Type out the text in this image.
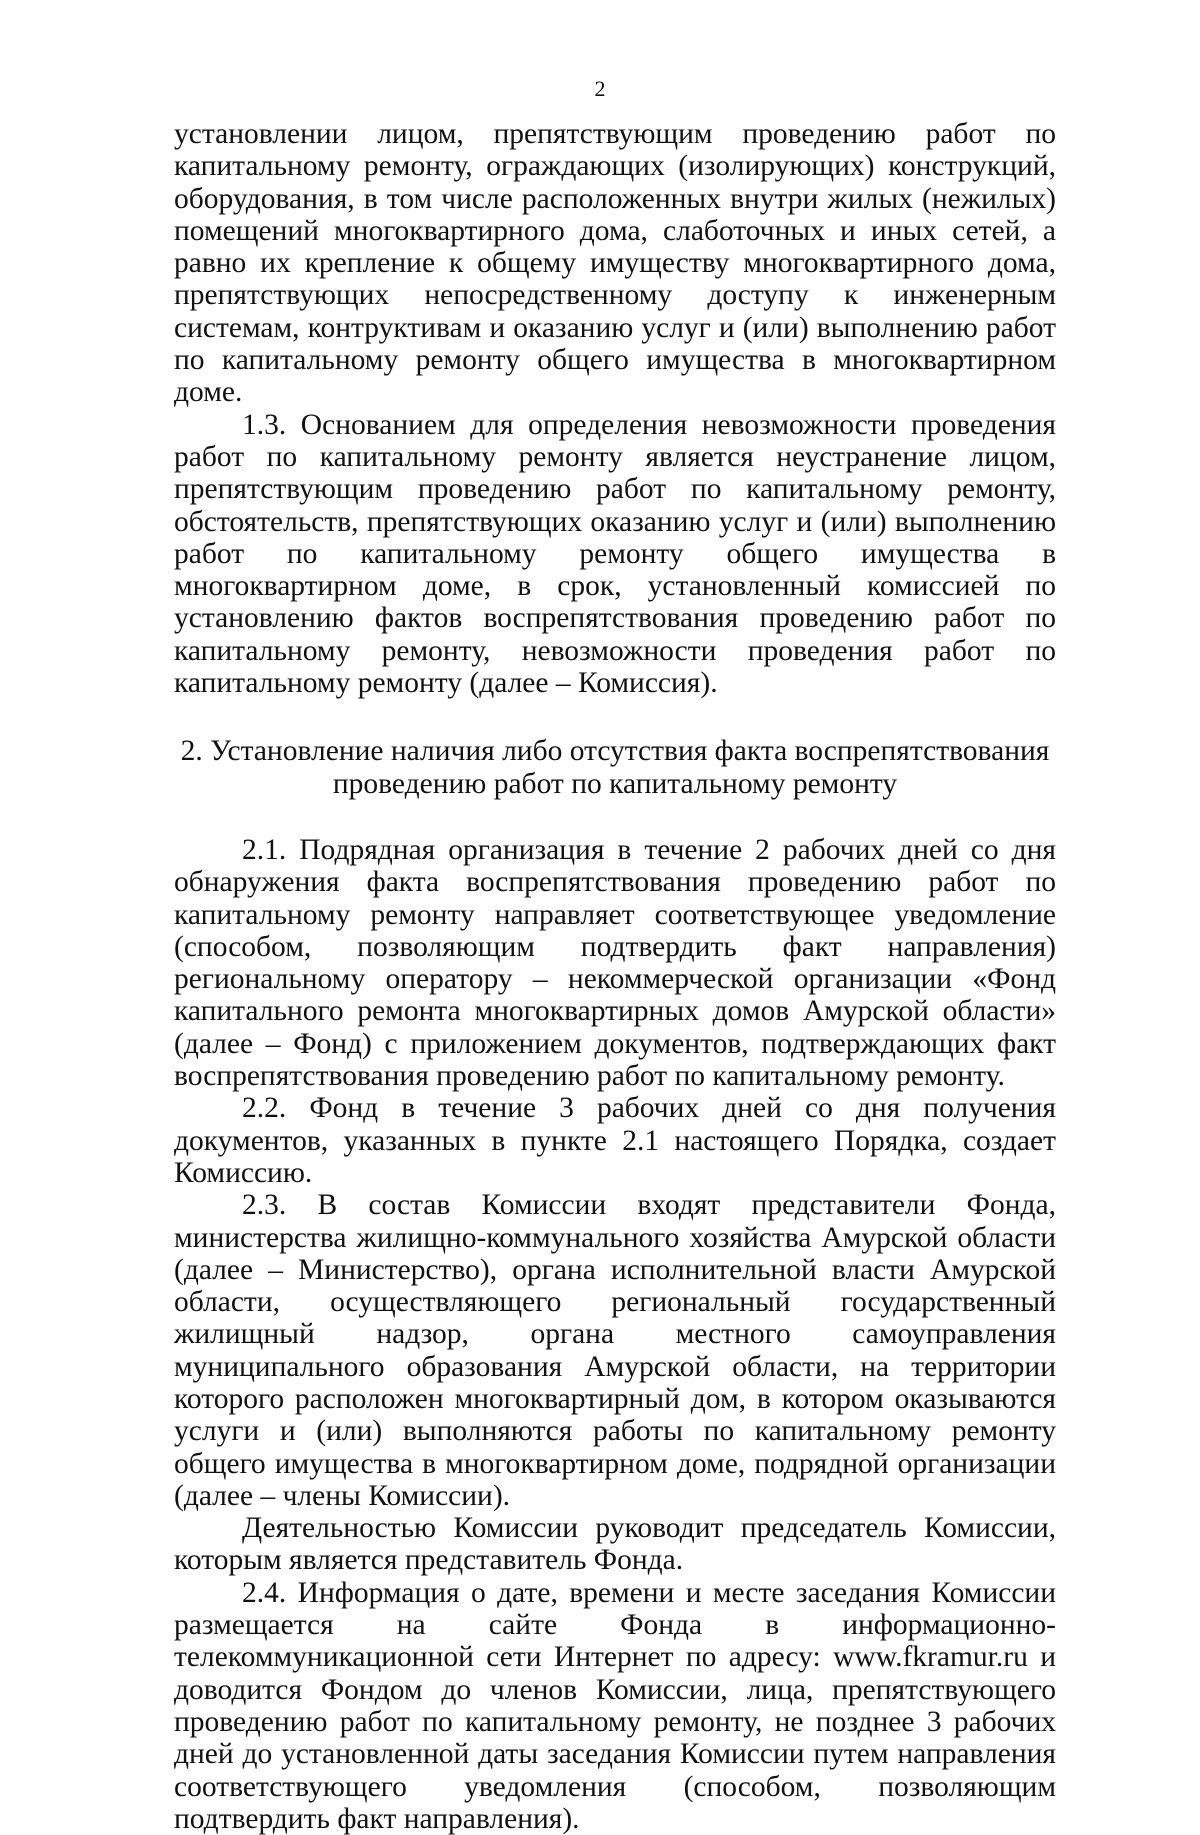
2

установлении лицом, препятствующим проведению работ по капитальному ремонту, ограждающих (изолирующих) конструкций, оборудования, в том числе расположенных внутри жилых (нежилых) помещений многоквартирного дома, слаботочных и иных сетей, а равно их крепление к общему имуществу многоквартирного дома, препятствующих непосредственному доступу к инженерным системам, контруктивам и оказанию услуг и (или) выполнению работ по капитальному ремонту общего имущества в многоквартирном доме.

1.3. Основанием для определения невозможности проведения работ по капитальному ремонту является неустранение лицом, препятствующим проведению работ по капитальному ремонту, обстоятельств, препятствующих оказанию услуг и (или) выполнению работ по капитальному ремонту общего имущества в многоквартирном доме, в срок, установленный комиссией по установлению фактов воспрепятствования проведению работ по капитальному ремонту, невозможности проведения работ по капитальному ремонту (далее – Комиссия).

2. Установление наличия либо отсутствия факта воспрепятствования
проведению работ по капитальному ремонту

2.1. Подрядная организация в течение 2 рабочих дней со дня обнаружения факта воспрепятствования проведению работ по капитальному ремонту направляет соответствующее уведомление (способом, позволяющим подтвердить факт направления) региональному оператору – некоммерческой организации «Фонд капитального ремонта многоквартирных домов Амурской области» (далее – Фонд) с приложением документов, подтверждающих факт воспрепятствования проведению работ по капитальному ремонту.

2.2. Фонд в течение 3 рабочих дней со дня получения документов, указанных в пункте 2.1 настоящего Порядка, создает Комиссию.

2.3. В состав Комиссии входят представители Фонда, министерства жилищно-коммунального хозяйства Амурской области (далее – Министерство), органа исполнительной власти Амурской области, осуществляющего региональный государственный жилищный надзор, органа местного самоуправления муниципального образования Амурской области, на территории которого расположен многоквартирный дом, в котором оказываются услуги и (или) выполняются работы по капитальному ремонту общего имущества в многоквартирном доме, подрядной организации (далее – члены Комиссии).

Деятельностью Комиссии руководит председатель Комиссии, которым является представитель Фонда.

2.4. Информация о дате, времени и месте заседания Комиссии размещается на сайте Фонда в информационно-телекоммуникационной сети Интернет по адресу: www.fkramur.ru и доводится Фондом до членов Комиссии, лица, препятствующего проведению работ по капитальному ремонту, не позднее 3 рабочих дней до установленной даты заседания Комиссии путем направления соответствующего уведомления (способом, позволяющим подтвердить факт направления).
